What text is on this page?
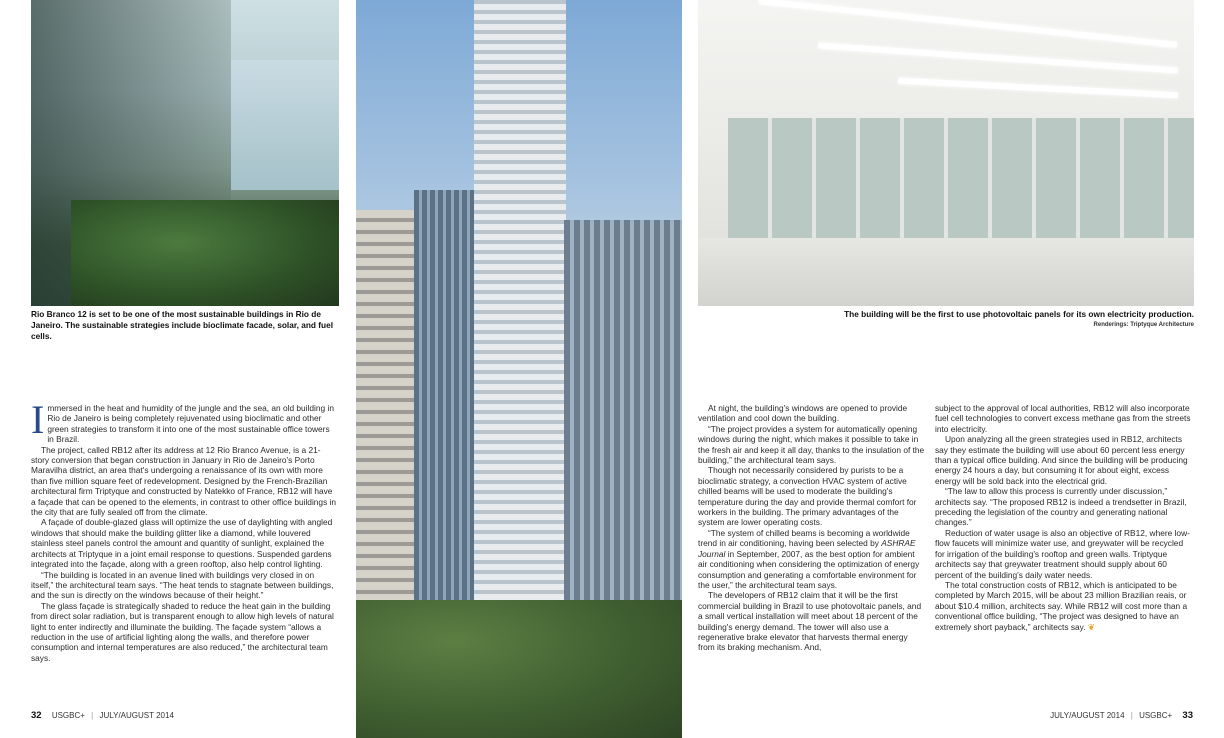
Rio Branco 12 is set to be one of the most sustainable buildings in Rio de Janeiro. The sustainable strategies include bioclimate facade, solar, and fuel cells.
The building will be the first to use photovoltaic panels for its own electricity production.
Renderings: Triptyque Architecture

Immersed in the heat and humidity of the jungle and the sea, an old building in Rio de Janeiro is being completely rejuvenated using bioclimatic and other green strategies to transform it into one of the most sustainable office towers in Brazil.

The project, called RB12 after its address at 12 Rio Branco Avenue, is a 21-story conversion that began construction in January in Rio de Janeiro's Porto Maravilha district, an area that's undergoing a renaissance of its own with more than five million square feet of redevelopment. Designed by the French-Brazilian architectural firm Triptyque and constructed by Natekko of France, RB12 will have a façade that can be opened to the elements, in contrast to other office buildings in the city that are fully sealed off from the climate.

A façade of double-glazed glass will optimize the use of daylighting with angled windows that should make the building glitter like a diamond, while louvered stainless steel panels control the amount and quantity of sunlight, explained the architects at Triptyque in a joint email response to questions. Suspended gardens integrated into the façade, along with a green rooftop, also help control lighting.

“The building is located in an avenue lined with buildings very closed in on itself,” the architectural team says. “The heat tends to stagnate between buildings, and the sun is directly on the windows because of their height.”

The glass façade is strategically shaded to reduce the heat gain in the building from direct solar radiation, but is transparent enough to allow high levels of natural light to enter indirectly and illuminate the building. The façade system “allows a reduction in the use of artificial lighting along the walls, and therefore power consumption and internal temperatures are also reduced,” the architectural team says.

At night, the building's windows are opened to provide ventilation and cool down the building.

“The project provides a system for automatically opening windows during the night, which makes it possible to take in the fresh air and keep it all day, thanks to the insulation of the building,” the architectural team says.

Though not necessarily considered by purists to be a bioclimatic strategy, a convection HVAC system of active chilled beams will be used to moderate the building's temperature during the day and provide thermal comfort for workers in the building. The primary advantages of the system are lower operating costs.

“The system of chilled beams is becoming a worldwide trend in air conditioning, having been selected by ASHRAE Journal in September, 2007, as the best option for ambient air conditioning when considering the optimization of energy consumption and generating a comfortable environment for the user,” the architectural team says.

The developers of RB12 claim that it will be the first commercial building in Brazil to use photovoltaic panels, and a small vertical installation will meet about 18 percent of the building's energy demand. The tower will also use a regenerative brake elevator that harvests thermal energy from its braking mechanism. And,

subject to the approval of local authorities, RB12 will also incorporate fuel cell technologies to convert excess methane gas from the streets into electricity.

Upon analyzing all the green strategies used in RB12, architects say they estimate the building will use about 60 percent less energy than a typical office building. And since the building will be producing energy 24 hours a day, but consuming it for about eight, excess energy will be sold back into the electrical grid.

“The law to allow this process is currently under discussion,” architects say. “The proposed RB12 is indeed a trendsetter in Brazil, preceding the legislation of the country and generating national changes.”

Reduction of water usage is also an objective of RB12, where low-flow faucets will minimize water use, and greywater will be recycled for irrigation of the building's rooftop and green walls. Triptyque architects say that greywater treatment should supply about 60 percent of the building's daily water needs.

The total construction costs of RB12, which is anticipated to be completed by March 2015, will be about 23 million Brazilian reais, or about $10.4 million, architects say. While RB12 will cost more than a conventional office building, “The project was designed to have an extremely short payback,” architects say. ❦

32 USGBC+ | JULY/AUGUST 2014	JULY/AUGUST 2014 | USGBC+ 33
